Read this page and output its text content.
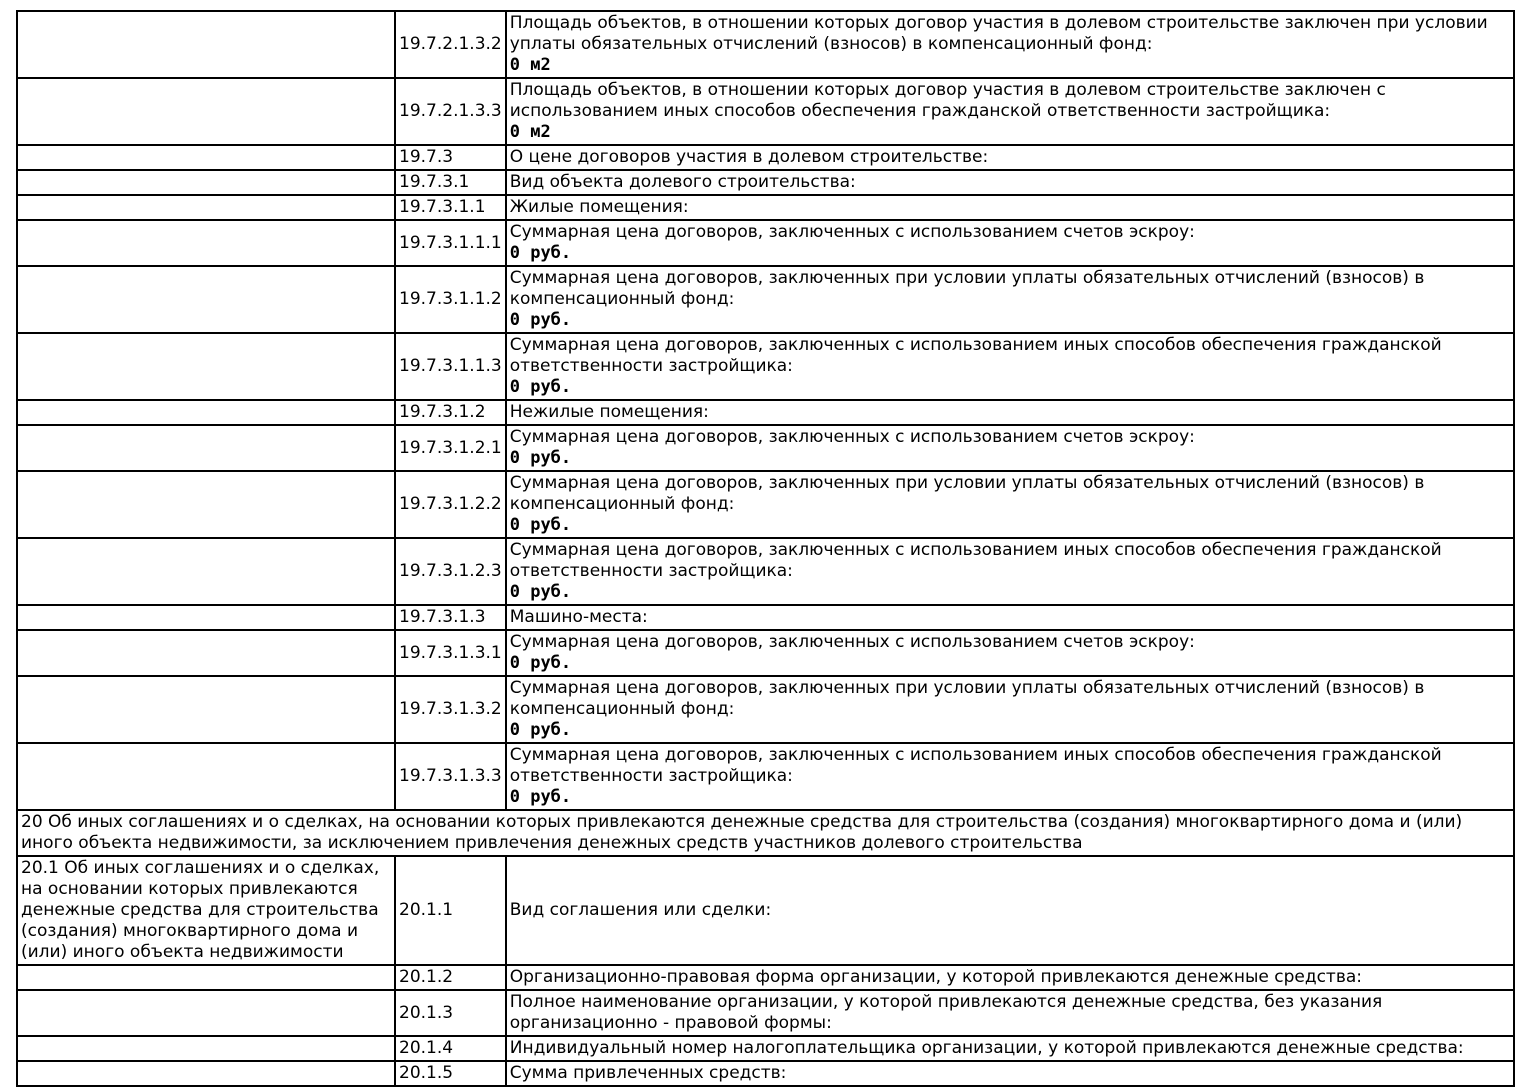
	19.7.2.1.3.2	Площадь объектов, в отношении которых договор участия в долевом строительстве заключен при условии уплаты обязательных отчислений (взносов) в компенсационный фонд:
0 м2

	19.7.2.1.3.3	Площадь объектов, в отношении которых договор участия в долевом строительстве заключен с использованием иных способов обеспечения гражданской ответственности застройщика:
0 м2

	19.7.3	О цене договоров участия в долевом строительстве:

	19.7.3.1	Вид объекта долевого строительства:

	19.7.3.1.1	Жилые помещения:

	19.7.3.1.1.1	Суммарная цена договоров, заключенных с использованием счетов эскроу:
0 руб.

	19.7.3.1.1.2	Суммарная цена договоров, заключенных при условии уплаты обязательных отчислений (взносов) в компенсационный фонд:
0 руб.

	19.7.3.1.1.3	Суммарная цена договоров, заключенных с использованием иных способов обеспечения гражданской ответственности застройщика:
0 руб.

	19.7.3.1.2	Нежилые помещения:

	19.7.3.1.2.1	Суммарная цена договоров, заключенных с использованием счетов эскроу:
0 руб.

	19.7.3.1.2.2	Суммарная цена договоров, заключенных при условии уплаты обязательных отчислений (взносов) в компенсационный фонд:
0 руб.

	19.7.3.1.2.3	Суммарная цена договоров, заключенных с использованием иных способов обеспечения гражданской ответственности застройщика:
0 руб.

	19.7.3.1.3	Машино-места:

	19.7.3.1.3.1	Суммарная цена договоров, заключенных с использованием счетов эскроу:
0 руб.

	19.7.3.1.3.2	Суммарная цена договоров, заключенных при условии уплаты обязательных отчислений (взносов) в компенсационный фонд:
0 руб.

	19.7.3.1.3.3	Суммарная цена договоров, заключенных с использованием иных способов обеспечения гражданской ответственности застройщика:
0 руб.

20 Об иных соглашениях и о сделках, на основании которых привлекаются денежные средства для строительства (создания) многоквартирного дома и (или) иного объекта недвижимости, за исключением привлечения денежных средств участников долевого строительства		
20.1 Об иных соглашениях и о сделках, на основании которых привлекаются денежные средства для строительства (создания) многоквартирного дома и (или) иного объекта недвижимости	20.1.1	Вид соглашения или сделки:

	20.1.2	Организационно-правовая форма организации, у которой привлекаются денежные средства:

	20.1.3	Полное наименование организации, у которой привлекаются денежные средства, без указания организационно - правовой формы:

	20.1.4	Индивидуальный номер налогоплательщика организации, у которой привлекаются денежные средства:

	20.1.5	Сумма привлеченных средств:
